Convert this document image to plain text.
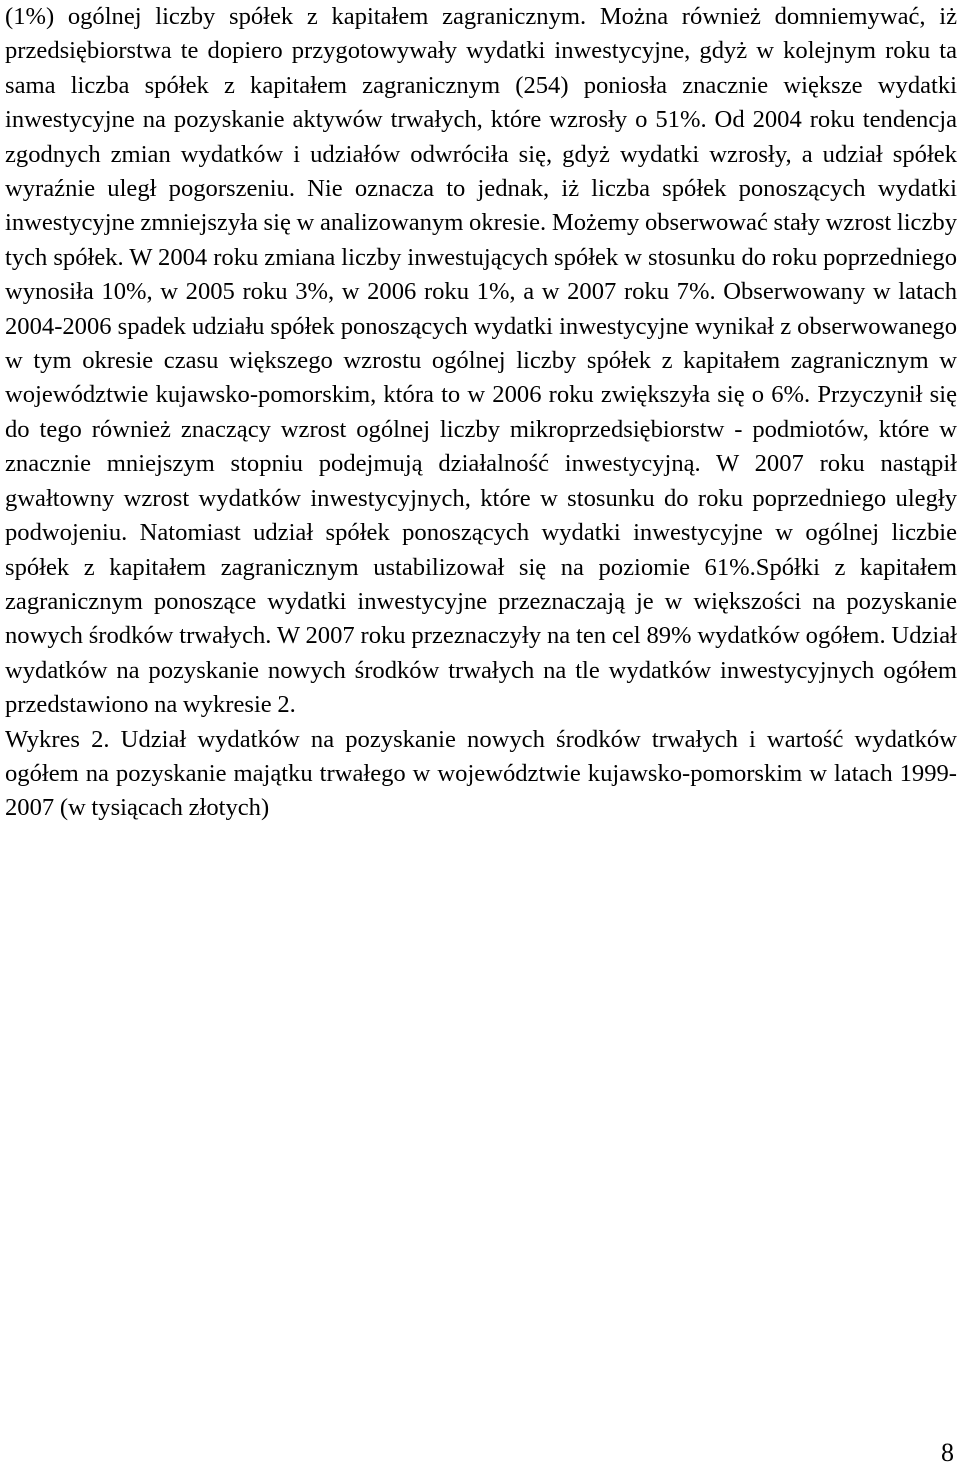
(1%) ogólnej liczby spółek z kapitałem zagranicznym. Można również domniemywać, iż przedsiębiorstwa te dopiero przygotowywały wydatki inwestycyjne, gdyż w kolejnym roku ta sama liczba spółek z kapitałem zagranicznym (254) poniosła znacznie większe wydatki inwestycyjne na pozyskanie aktywów trwałych, które wzrosły o 51%. Od 2004 roku tendencja zgodnych zmian wydatków i udziałów odwróciła się, gdyż wydatki wzrosły, a udział spółek wyraźnie uległ pogorszeniu. Nie oznacza to jednak, iż liczba spółek ponoszących wydatki inwestycyjne zmniejszyła się w analizowanym okresie. Możemy obserwować stały wzrost liczby tych spółek. W 2004 roku zmiana liczby inwestujących spółek w stosunku do roku poprzedniego wynosiła 10%, w 2005 roku 3%, w 2006 roku 1%, a w 2007 roku 7%. Obserwowany w latach 2004-2006 spadek udziału spółek ponoszących wydatki inwestycyjne wynikał z obserwowanego w tym okresie czasu większego wzrostu ogólnej liczby spółek z kapitałem zagranicznym w województwie kujawsko-pomorskim, która to w 2006 roku zwiększyła się o 6%. Przyczynił się do tego również znaczący wzrost ogólnej liczby mikroprzedsiębiorstw - podmiotów, które w znacznie mniejszym stopniu podejmują działalność inwestycyjną. W 2007 roku nastąpił gwałtowny wzrost wydatków inwestycyjnych, które w stosunku do roku poprzedniego uległy podwojeniu. Natomiast udział spółek ponoszących wydatki inwestycyjne w ogólnej liczbie spółek z kapitałem zagranicznym ustabilizował się na poziomie 61%.Spółki z kapitałem zagranicznym ponoszące wydatki inwestycyjne przeznaczają je w większości na pozyskanie nowych środków trwałych. W 2007 roku przeznaczyły na ten cel 89% wydatków ogółem. Udział wydatków na pozyskanie nowych środków trwałych na tle wydatków inwestycyjnych ogółem przedstawiono na wykresie 2.

Wykres 2. Udział wydatków na pozyskanie nowych środków trwałych i wartość wydatków ogółem na pozyskanie majątku trwałego w województwie kujawsko-pomorskim w latach 1999-2007 (w tysiącach złotych)

8
